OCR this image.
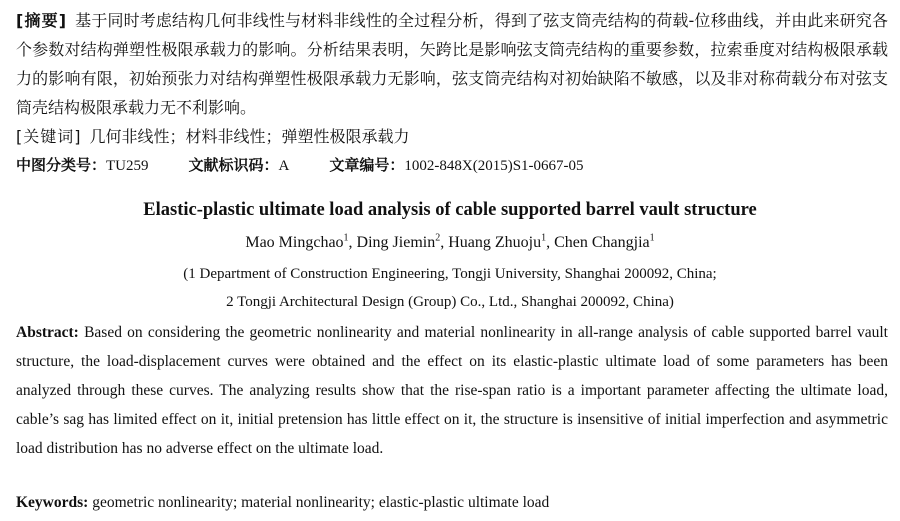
[摘要] 基于同时考虑结构几何非线性与材料非线性的全过程分析，得到了弦支筒壳结构的荷载-位移曲线，并由此来研究各个参数对结构弹塑性极限承载力的影响。分析结果表明，矢跨比是影响弦支筒壳结构的重要参数，拉索垂度对结构极限承载力的影响有限，初始预张力对结构弹塑性极限承载力无影响，弦支筒壳结构对初始缺陷不敏感，以及非对称荷载分布对弦支筒壳结构极限承载力无不利影响。

[关键词] 几何非线性；材料非线性；弹塑性极限承载力

中图分类号：TU259	文献标识码：A	文章编号：1002-848X(2015)S1-0667-05

Elastic-plastic ultimate load analysis of cable supported barrel vault structure
Mao Mingchao$^1$, Ding Jiemin$^2$, Huang Zhuoju$^1$, Chen Changjia$^1$
(1 Department of Construction Engineering, Tongji University, Shanghai 200092, China;
2 Tongji Architectural Design (Group) Co., Ltd., Shanghai 200092, China)

Abstract: Based on considering the geometric nonlinearity and material nonlinearity in all-range analysis of cable supported barrel vault structure, the load-displacement curves were obtained and the effect on its elastic-plastic ultimate load of some parameters has been analyzed through these curves. The analyzing results show that the rise-span ratio is a important parameter affecting the ultimate load, cable’s sag has limited effect on it, initial pretension has little effect on it, the structure is insensitive of initial imperfection and asymmetric load distribution has no adverse effect on the ultimate load.

Keywords: geometric nonlinearity; material nonlinearity; elastic-plastic ultimate load
